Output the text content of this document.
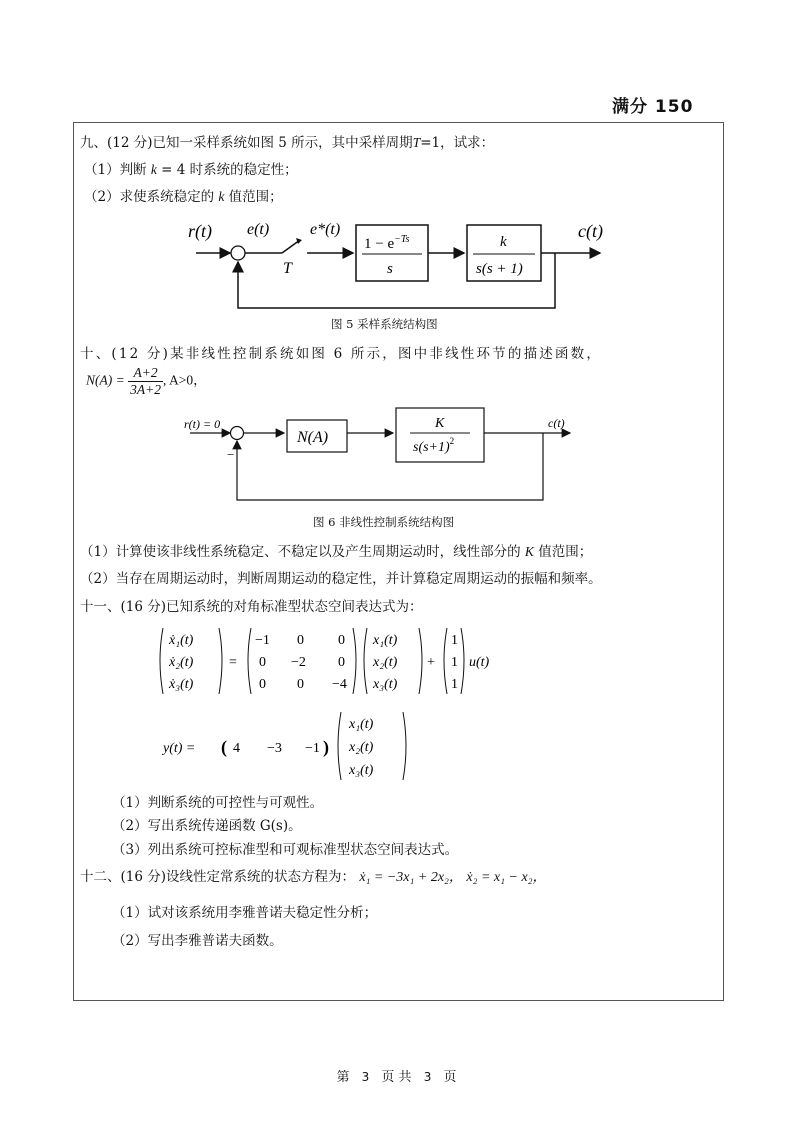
满分 150
九、(12 分)已知一采样系统如图 5 所示，其中采样周期T=1，试求：
（1）判断 k = 4 时系统的稳定性；
（2）求使系统稳定的 k 值范围；
r(t) e(t)	e*(t)
T
c(t)
$1 - e^{-Ts}$
s
k
s(s + 1)
图 5 采样系统结构图
十、(12 分)某非线性控制系统如图 6 所示，图中非线性环节的描述函数，
$N(A) = \frac{A+2}{3A+2}$ , A>0，
r(t) = 0
−
c(t)
N(A)
K
$s(s+1)^2$
图 6 非线性控制系统结构图
（1）计算使该非线性系统稳定、不稳定以及产生周期运动时，线性部分的 K 值范围；
（2）当存在周期运动时，判断周期运动的稳定性，并计算稳定周期运动的振幅和频率。
十一、(16 分)已知系统的对角标准型状态空间表达式为：
ẋ₁(t)
ẋ₂(t)
ẋ₃(t)
=
−1 0 0
0 −2 0
0 0 −4
x₁(t)
x₂(t)
x₃(t)
+
1
1
1
u(t)
y(t) = ( 4 −3 −1 )
x₁(t)
x₂(t)
x₃(t)
（1）判断系统的可控性与可观性。
（2）写出系统传递函数 G(s)。
（3）列出系统可控标准型和可观标准型状态空间表达式。
十二、(16 分)设线性定常系统的状态方程为： ẋ₁ = −3x₁ + 2x₂， ẋ₂ = x₁ − x₂，
（1）试对该系统用李雅普诺夫稳定性分析；
（2）写出李雅普诺夫函数。
第 3 页 共 3 页
